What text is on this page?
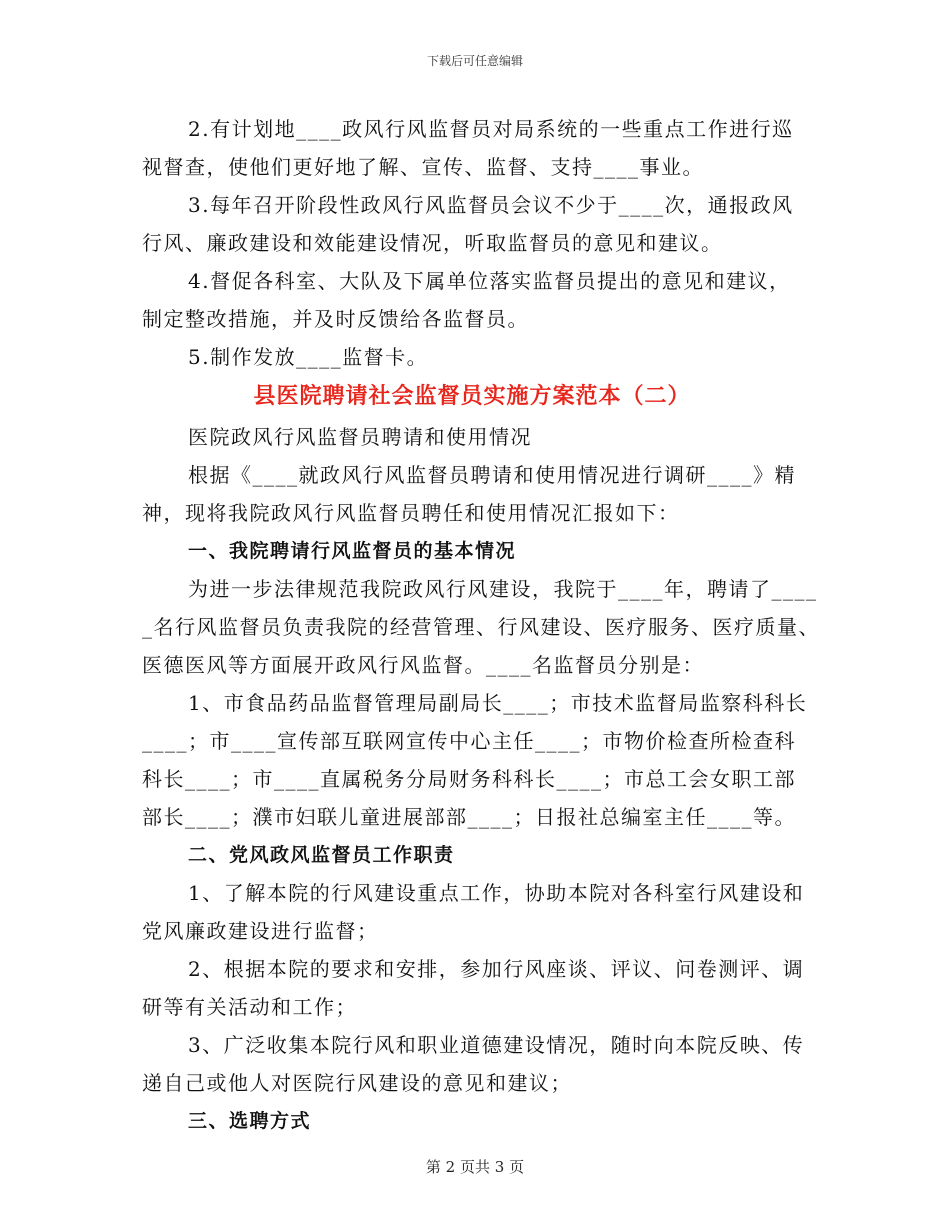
下载后可任意编辑

2.有计划地____政风行风监督员对局系统的一些重点工作进行巡

视督查，使他们更好地了解、宣传、监督、支持____事业。

3.每年召开阶段性政风行风监督员会议不少于____次，通报政风

行风、廉政建设和效能建设情况，听取监督员的意见和建议。

4.督促各科室、大队及下属单位落实监督员提出的意见和建议，

制定整改措施，并及时反馈给各监督员。

5.制作发放____监督卡。

县医院聘请社会监督员实施方案范本（二）

医院政风行风监督员聘请和使用情况

根据《____就政风行风监督员聘请和使用情况进行调研____》精

神，现将我院政风行风监督员聘任和使用情况汇报如下：

一、我院聘请行风监督员的基本情况

为进一步法律规范我院政风行风建设，我院于____年，聘请了____

_名行风监督员负责我院的经营管理、行风建设、医疗服务、医疗质量、

医德医风等方面展开政风行风监督。____名监督员分别是：

1、市食品药品监督管理局副局长____；市技术监督局监察科科长

____；市____宣传部互联网宣传中心主任____；市物价检查所检查科

科长____；市____直属税务分局财务科科长____；市总工会女职工部

部长____；濮市妇联儿童进展部部____；日报社总编室主任____等。

二、党风政风监督员工作职责

1、了解本院的行风建设重点工作，协助本院对各科室行风建设和

党风廉政建设进行监督；

2、根据本院的要求和安排，参加行风座谈、评议、问卷测评、调

研等有关活动和工作；

3、广泛收集本院行风和职业道德建设情况，随时向本院反映、传

递自己或他人对医院行风建设的意见和建议；

三、选聘方式

第 2 页共 3 页
